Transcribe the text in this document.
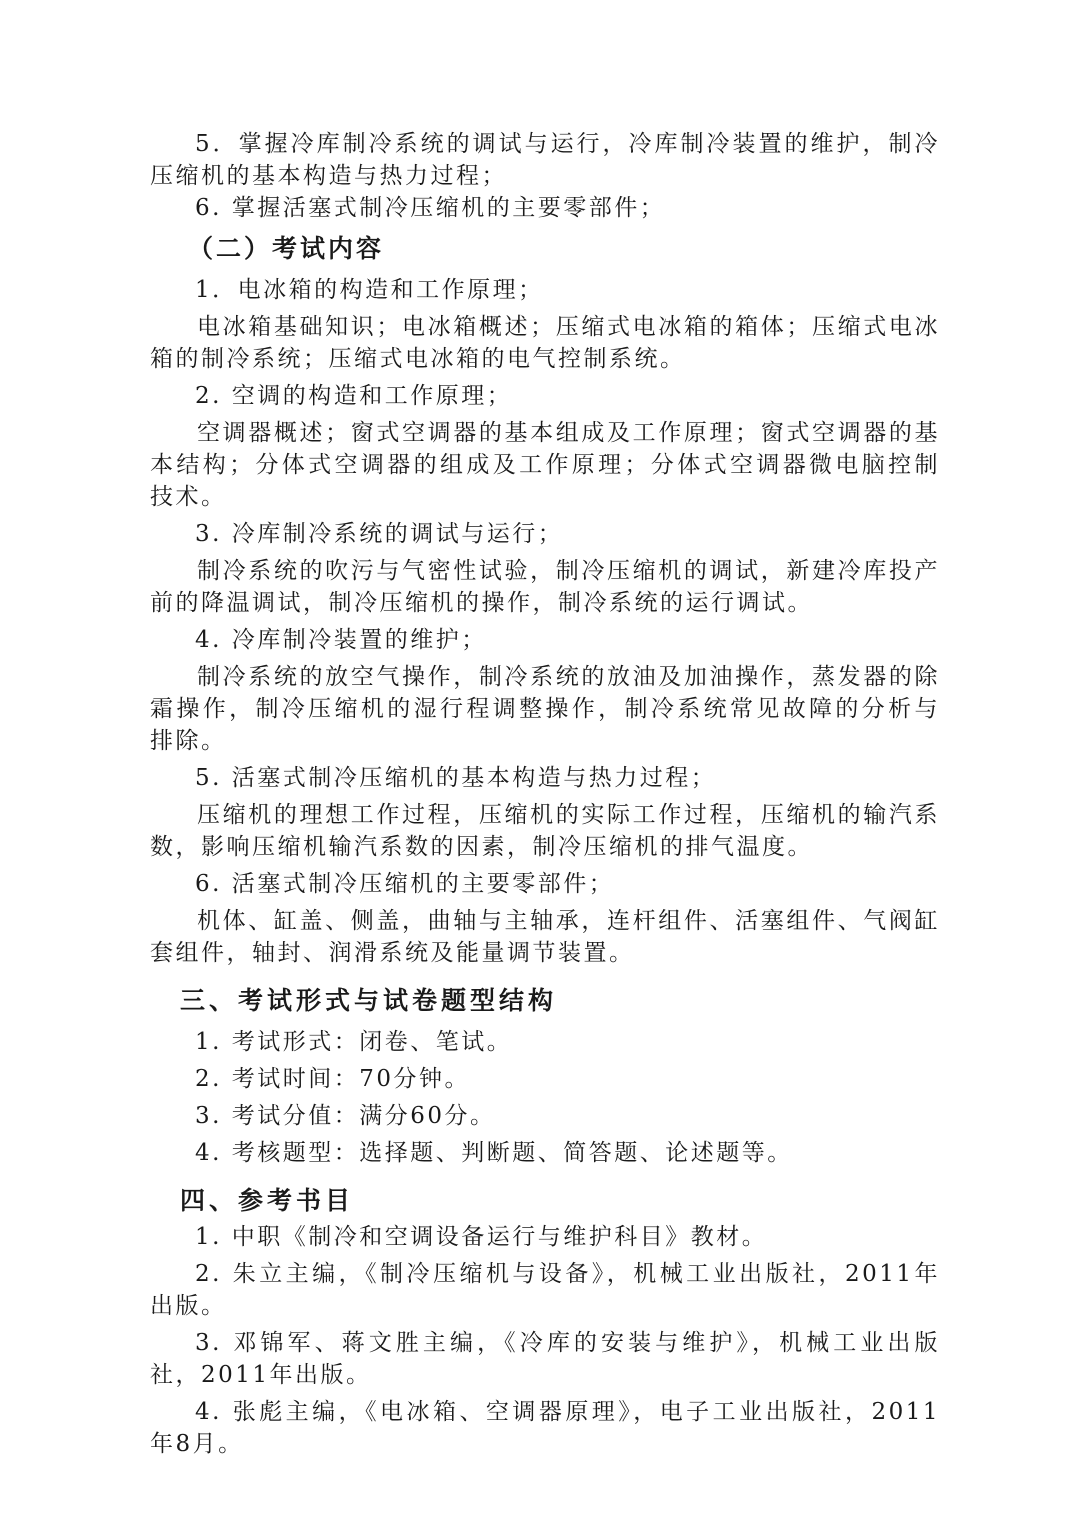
5．掌握冷库制冷系统的调试与运行，冷库制冷装置的维护，制冷压缩机的基本构造与热力过程；

6. 掌握活塞式制冷压缩机的主要零部件；

（二）考试内容

1．电冰箱的构造和工作原理；

电冰箱基础知识；电冰箱概述；压缩式电冰箱的箱体；压缩式电冰箱的制冷系统；压缩式电冰箱的电气控制系统。

2. 空调的构造和工作原理；

空调器概述；窗式空调器的基本组成及工作原理；窗式空调器的基本结构；分体式空调器的组成及工作原理；分体式空调器微电脑控制技术。

3. 冷库制冷系统的调试与运行；

制冷系统的吹污与气密性试验，制冷压缩机的调试，新建冷库投产前的降温调试，制冷压缩机的操作，制冷系统的运行调试。

4. 冷库制冷装置的维护；

制冷系统的放空气操作，制冷系统的放油及加油操作，蒸发器的除霜操作，制冷压缩机的湿行程调整操作，制冷系统常见故障的分析与排除。

5. 活塞式制冷压缩机的基本构造与热力过程；

压缩机的理想工作过程，压缩机的实际工作过程，压缩机的输汽系数，影响压缩机输汽系数的因素，制冷压缩机的排气温度。

6. 活塞式制冷压缩机的主要零部件；

机体、缸盖、侧盖，曲轴与主轴承，连杆组件、活塞组件、气阀缸套组件，轴封、润滑系统及能量调节装置。

三、考试形式与试卷题型结构

1. 考试形式：闭卷、笔试。

2. 考试时间：70分钟。

3. 考试分值：满分60分。

4. 考核题型：选择题、判断题、简答题、论述题等。

四、参考书目

1. 中职《制冷和空调设备运行与维护科目》教材。

2. 朱立主编，《制冷压缩机与设备》，机械工业出版社，2011年出版。

3. 邓锦军、蒋文胜主编，《冷库的安装与维护》，机械工业出版社，2011年出版。

4. 张彪主编，《电冰箱、空调器原理》，电子工业出版社，2011年8月。
